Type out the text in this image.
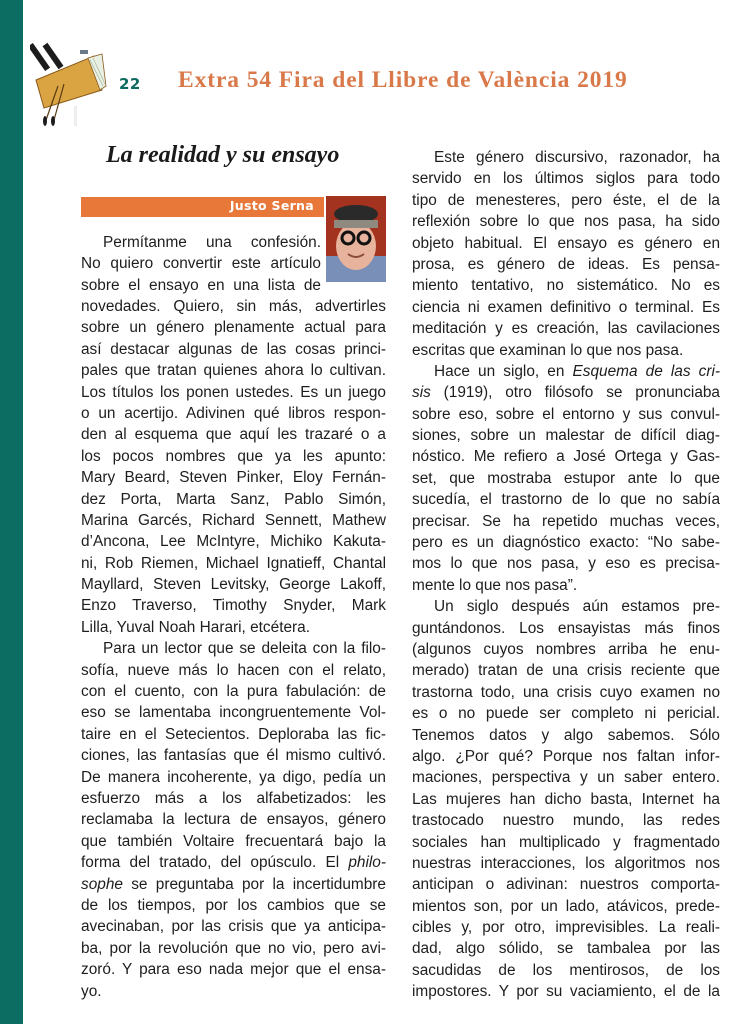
22 Extra 54 Fira del Llibre de València 2019
La realidad y su ensayo
Justo Serna
Permítanme una confesión.
No quiero convertir este artículo
sobre el ensayo en una lista de
novedades. Quiero, sin más, advertirles
sobre un género plenamente actual para
así destacar algunas de las cosas princi-
pales que tratan quienes ahora lo cultivan.
Los títulos los ponen ustedes. Es un juego
o un acertijo. Adivinen qué libros respon-
den al esquema que aquí les trazaré o a
los pocos nombres que ya les apunto:
Mary Beard, Steven Pinker, Eloy Fernán-
dez Porta, Marta Sanz, Pablo Simón,
Marina Garcés, Richard Sennett, Mathew
d’Ancona, Lee McIntyre, Michiko Kakuta-
ni, Rob Riemen, Michael Ignatieff, Chantal
Mayllard, Steven Levitsky, George Lakoff,
Enzo Traverso, Timothy Snyder, Mark
Lilla, Yuval Noah Harari, etcétera.
Para un lector que se deleita con la filo-
sofía, nueve más lo hacen con el relato,
con el cuento, con la pura fabulación: de
eso se lamentaba incongruentemente Vol-
taire en el Setecientos. Deploraba las fic-
ciones, las fantasías que él mismo cultivó.
De manera incoherente, ya digo, pedía un
esfuerzo más a los alfabetizados: les
reclamaba la lectura de ensayos, género
que también Voltaire frecuentará bajo la
forma del tratado, del opúsculo. El philo-
sophe se preguntaba por la incertidumbre
de los tiempos, por los cambios que se
avecinaban, por las crisis que ya anticipa-
ba, por la revolución que no vio, pero avi-
zoró. Y para eso nada mejor que el ensa-
yo.
Este género discursivo, razonador, ha
servido en los últimos siglos para todo
tipo de menesteres, pero éste, el de la
reflexión sobre lo que nos pasa, ha sido
objeto habitual. El ensayo es género en
prosa, es género de ideas. Es pensa-
miento tentativo, no sistemático. No es
ciencia ni examen definitivo o terminal. Es
meditación y es creación, las cavilaciones
escritas que examinan lo que nos pasa.
Hace un siglo, en Esquema de las cri-
sis (1919), otro filósofo se pronunciaba
sobre eso, sobre el entorno y sus convul-
siones, sobre un malestar de difícil diag-
nóstico. Me refiero a José Ortega y Gas-
set, que mostraba estupor ante lo que
sucedía, el trastorno de lo que no sabía
precisar. Se ha repetido muchas veces,
pero es un diagnóstico exacto: “No sabe-
mos lo que nos pasa, y eso es precisa-
mente lo que nos pasa”.
Un siglo después aún estamos pre-
guntándonos. Los ensayistas más finos
(algunos cuyos nombres arriba he enu-
merado) tratan de una crisis reciente que
trastorna todo, una crisis cuyo examen no
es o no puede ser completo ni pericial.
Tenemos datos y algo sabemos. Sólo
algo. ¿Por qué? Porque nos faltan infor-
maciones, perspectiva y un saber entero.
Las mujeres han dicho basta, Internet ha
trastocado nuestro mundo, las redes
sociales han multiplicado y fragmentado
nuestras interacciones, los algoritmos nos
anticipan o adivinan: nuestros comporta-
mientos son, por un lado, atávicos, prede-
cibles y, por otro, imprevisibles. La reali-
dad, algo sólido, se tambalea por las
sacudidas de los mentirosos, de los
impostores. Y por su vaciamiento, el de la
